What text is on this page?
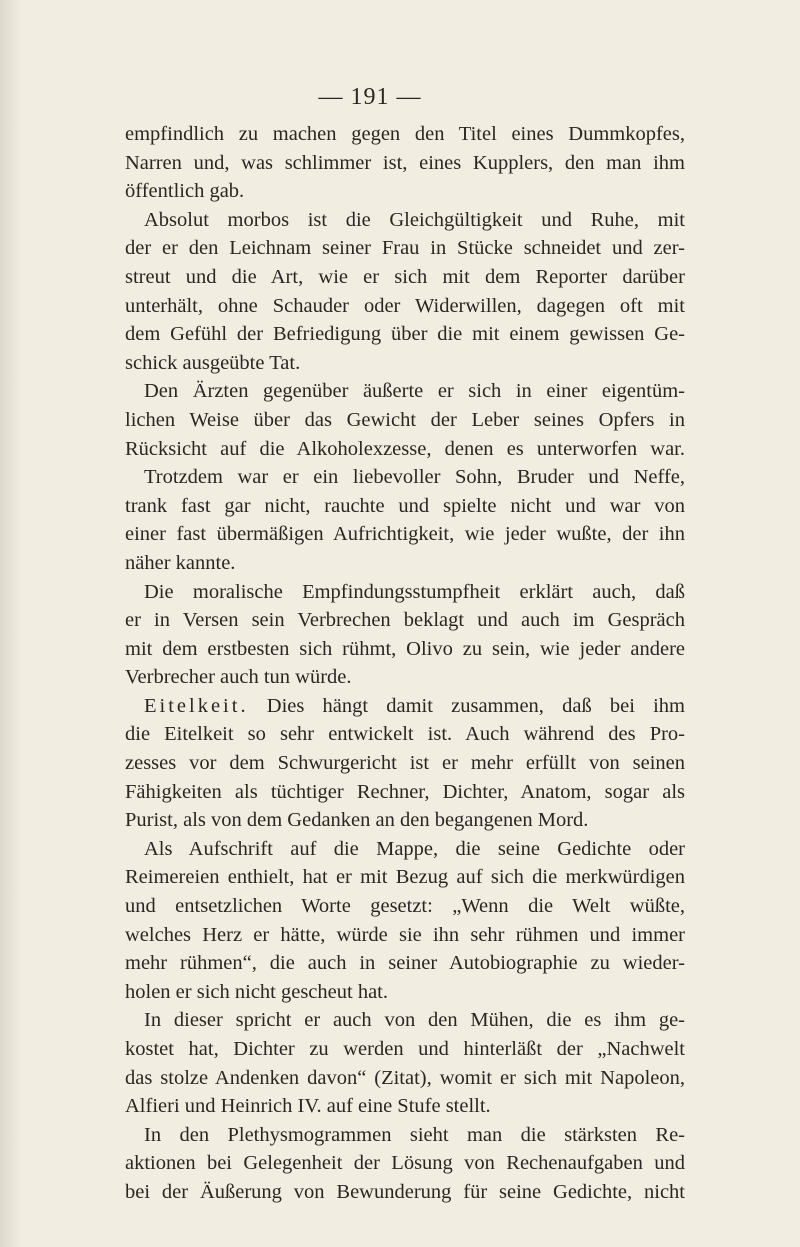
— 191 —
empfindlich zu machen gegen den Titel eines Dummkopfes,
Narren und, was schlimmer ist, eines Kupplers, den man ihm
öffentlich gab.
Absolut morbos ist die Gleichgültigkeit und Ruhe, mit
der er den Leichnam seiner Frau in Stücke schneidet und zer-
streut und die Art, wie er sich mit dem Reporter darüber
unterhält, ohne Schauder oder Widerwillen, dagegen oft mit
dem Gefühl der Befriedigung über die mit einem gewissen Ge-
schick ausgeübte Tat.
Den Ärzten gegenüber äußerte er sich in einer eigentüm-
lichen Weise über das Gewicht der Leber seines Opfers in
Rücksicht auf die Alkoholexzesse, denen es unterworfen war.
Trotzdem war er ein liebevoller Sohn, Bruder und Neffe,
trank fast gar nicht, rauchte und spielte nicht und war von
einer fast übermäßigen Aufrichtigkeit, wie jeder wußte, der ihn
näher kannte.
Die moralische Empfindungsstumpfheit erklärt auch, daß
er in Versen sein Verbrechen beklagt und auch im Gespräch
mit dem erstbesten sich rühmt, Olivo zu sein, wie jeder andere
Verbrecher auch tun würde.
Eitelkeit. Dies hängt damit zusammen, daß bei ihm
die Eitelkeit so sehr entwickelt ist. Auch während des Pro-
zesses vor dem Schwurgericht ist er mehr erfüllt von seinen
Fähigkeiten als tüchtiger Rechner, Dichter, Anatom, sogar als
Purist, als von dem Gedanken an den begangenen Mord.
Als Aufschrift auf die Mappe, die seine Gedichte oder
Reimereien enthielt, hat er mit Bezug auf sich die merkwürdigen
und entsetzlichen Worte gesetzt: „Wenn die Welt wüßte,
welches Herz er hätte, würde sie ihn sehr rühmen und immer
mehr rühmen“, die auch in seiner Autobiographie zu wieder-
holen er sich nicht gescheut hat.
In dieser spricht er auch von den Mühen, die es ihm ge-
kostet hat, Dichter zu werden und hinterläßt der „Nachwelt
das stolze Andenken davon“ (Zitat), womit er sich mit Napoleon,
Alfieri und Heinrich IV. auf eine Stufe stellt.
In den Plethysmogrammen sieht man die stärksten Re-
aktionen bei Gelegenheit der Lösung von Rechenaufgaben und
bei der Äußerung von Bewunderung für seine Gedichte, nicht
